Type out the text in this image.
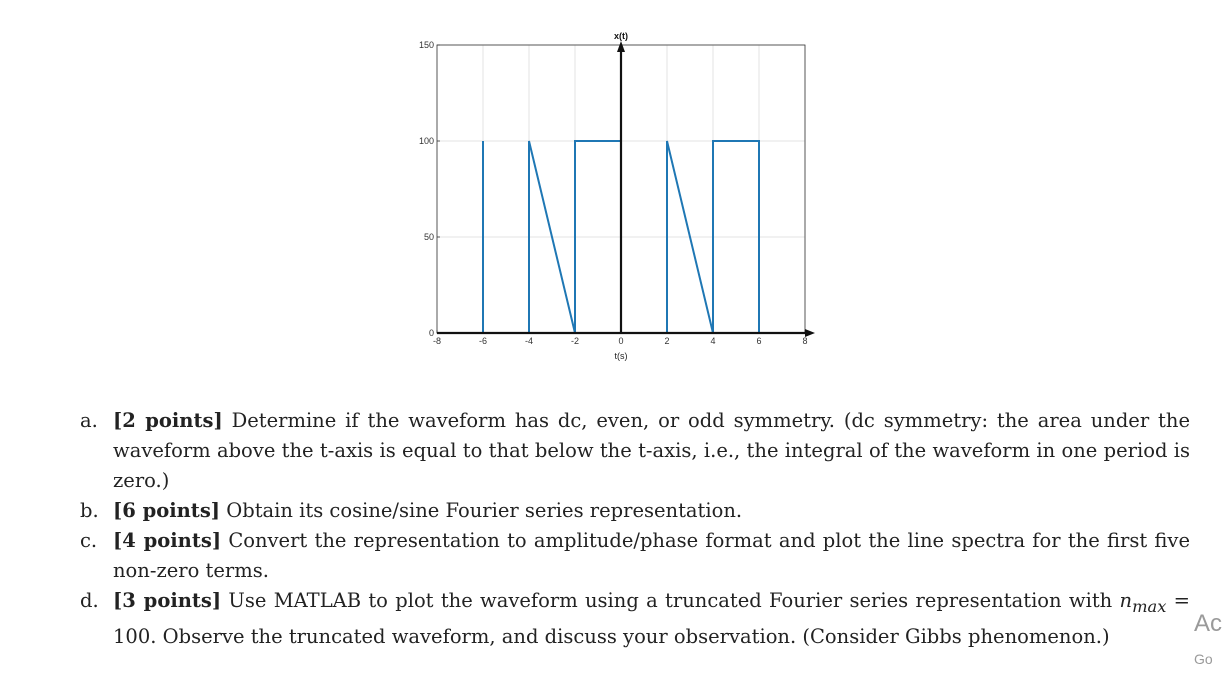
-8	-6	-4	-2	0	2	4	6	8
0
50
100
150
t(s)
x(t)
a. [2 points] Determine if the waveform has dc, even, or odd symmetry. (dc symmetry: the area under the waveform above the t-axis is equal to that below the t-axis, i.e., the integral of the waveform in one period is zero.)
b. [6 points] Obtain its cosine/sine Fourier series representation.
c. [4 points] Convert the representation to amplitude/phase format and plot the line spectra for the first five non-zero terms.
d. [3 points] Use MATLAB to plot the waveform using a truncated Fourier series representation with $n_{max} = 100$. Observe the truncated waveform, and discuss your observation. (Consider Gibbs phenomenon.)	Ac
Go
